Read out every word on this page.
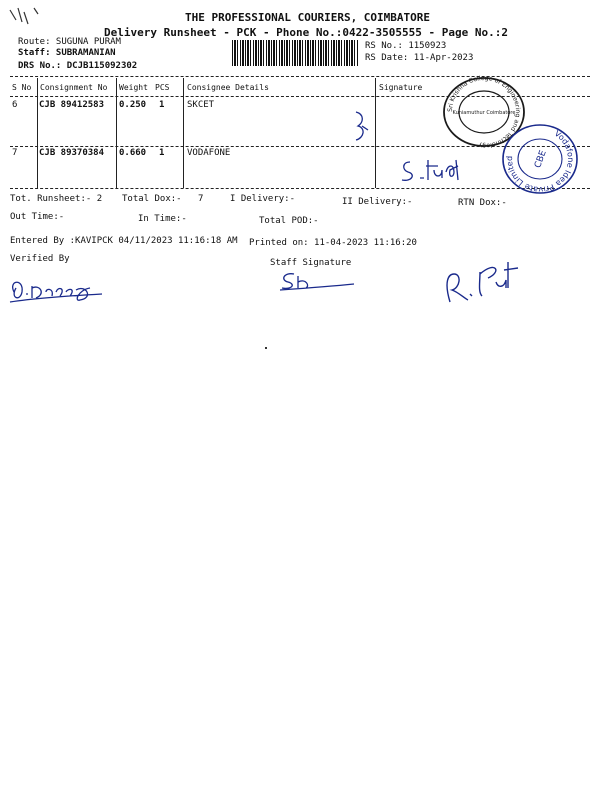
THE PROFESSIONAL COURIERS, COIMBATORE
Delivery Runsheet - PCK - Phone No.:0422-3505555 - Page No.:2
Route: SUGUNA PURAM
Staff: SUBRAMANIAN
DRS No.: DCJB115092302
RS No.: 1150923
RS Date: 11-Apr-2023
S No Consignment No Weight PCS Consignee Details	Signature
6 CJB 89412583 0.250 1	SKCET
7 CJB 89370384 0.660 1	VODAFONE
Tot. Runsheet:- 2 Total Dox:- 7	I Delivery:-	II Delivery:-	RTN Dox:-
Out Time:-	In Time:-	Total POD:-
Entered By :KAVIPCK 04/11/2023 11:16:18 AM Printed on: 11-04-2023 11:16:20
Verified By	Staff Signature
Sri Krishna College of Engineering and Technology
Kuniamuthur Coimbatore
Vodafone Idea Private Limited	CBE
